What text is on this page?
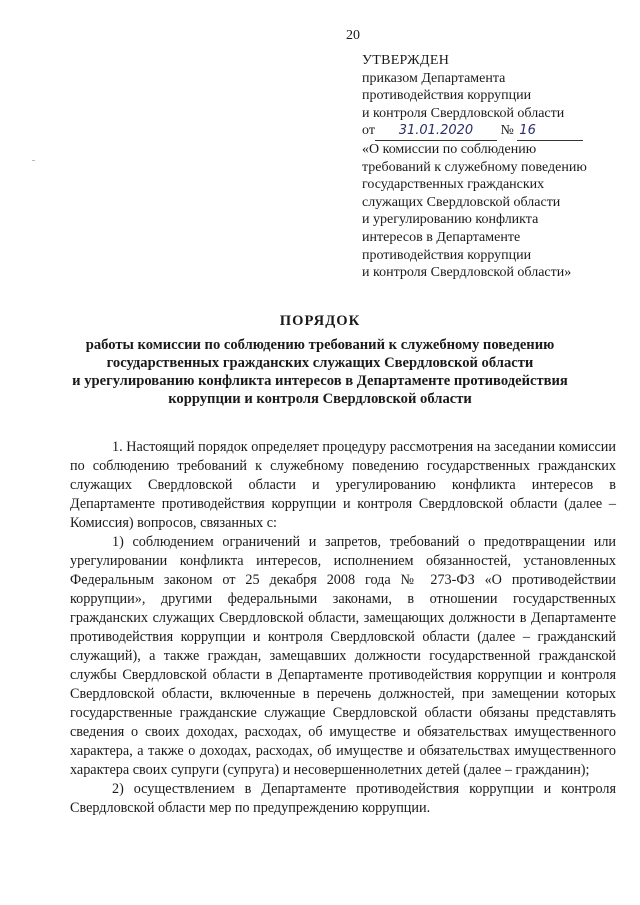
20
УТВЕРЖДЕН
приказом Департамента
противодействия коррупции
и контроля Свердловской области
от 31.01.2020 № 16
«О комиссии по соблюдению
требований к служебному поведению
государственных гражданских
служащих Свердловской области
и урегулированию конфликта
интересов в Департаменте
противодействия коррупции
и контроля Свердловской области»
ПОРЯДОК
работы комиссии по соблюдению требований к служебному поведению
государственных гражданских служащих Свердловской области
и урегулированию конфликта интересов в Департаменте противодействия
коррупции и контроля Свердловской области

1. Настоящий порядок определяет процедуру рассмотрения на заседании комиссии по соблюдению требований к служебному поведению государственных гражданских служащих Свердловской области и урегулированию конфликта интересов в Департаменте противодействия коррупции и контроля Свердловской области (далее – Комиссия) вопросов, связанных с:

1) соблюдением ограничений и запретов, требований о предотвращении или урегулировании конфликта интересов, исполнением обязанностей, установленных Федеральным законом от 25 декабря 2008 года № 273-ФЗ «О противодействии коррупции», другими федеральными законами, в отношении государственных гражданских служащих Свердловской области, замещающих должности в Департаменте противодействия коррупции и контроля Свердловской области (далее – гражданский служащий), а также граждан, замещавших должности государственной гражданской службы Свердловской области в Департаменте противодействия коррупции и контроля Свердловской области, включенные в перечень должностей, при замещении которых государственные гражданские служащие Свердловской области обязаны представлять сведения о своих доходах, расходах, об имуществе и обязательствах имущественного характера, а также о доходах, расходах, об имуществе и обязательствах имущественного характера своих супруги (супруга) и несовершеннолетних детей (далее – гражданин);

2) осуществлением в Департаменте противодействия коррупции и контроля Свердловской области мер по предупреждению коррупции.
